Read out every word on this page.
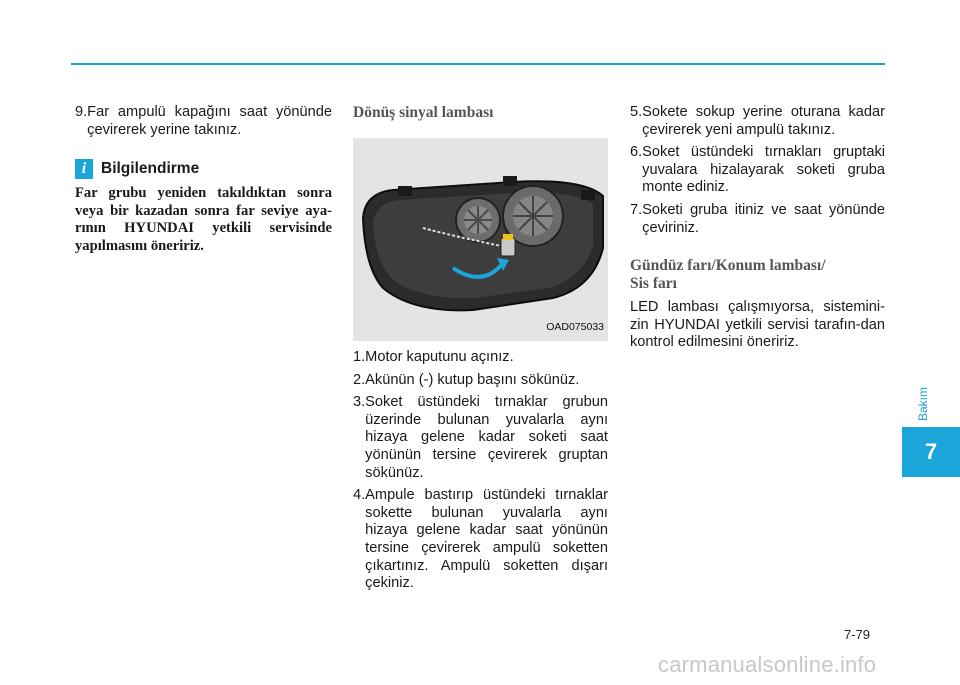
9. Far ampulü kapağını saat yönünde çevirerek yerine takınız.
i Bilgilendirme
Far grubu yeniden takıldıktan sonra veya bir kazadan sonra far seviye aya-rının HYUNDAI yetkili servisinde yapılmasını öneririz.
Dönüş sinyal lambası
OAD075033
1. Motor kaputunu açınız.
2. Akünün (-) kutup başını sökünüz.
3. Soket üstündeki tırnaklar grubun üzerinde bulunan yuvalarla aynı hizaya gelene kadar soketi saat yönünün tersine çevirerek gruptan sökünüz.
4. Ampule bastırıp üstündeki tırnaklar sokette bulunan yuvalarla aynı hizaya gelene kadar saat yönünün tersine çevirerek ampulü soketten çıkartınız. Ampulü soketten dışarı çekiniz.
5. Sokete sokup yerine oturana kadar çevirerek yeni ampulü takınız.
6. Soket üstündeki tırnakları gruptaki yuvalara hizalayarak soketi gruba monte ediniz.
7. Soketi gruba itiniz ve saat yönünde çeviriniz.
Gündüz farı/Konum lambası/
Sis farı

LED lambası çalışmıyorsa, sistemini-zin HYUNDAI yetkili servisi tarafın-dan kontrol edilmesini öneririz.

Bakım
7
7-79
carmanualsonline.info
